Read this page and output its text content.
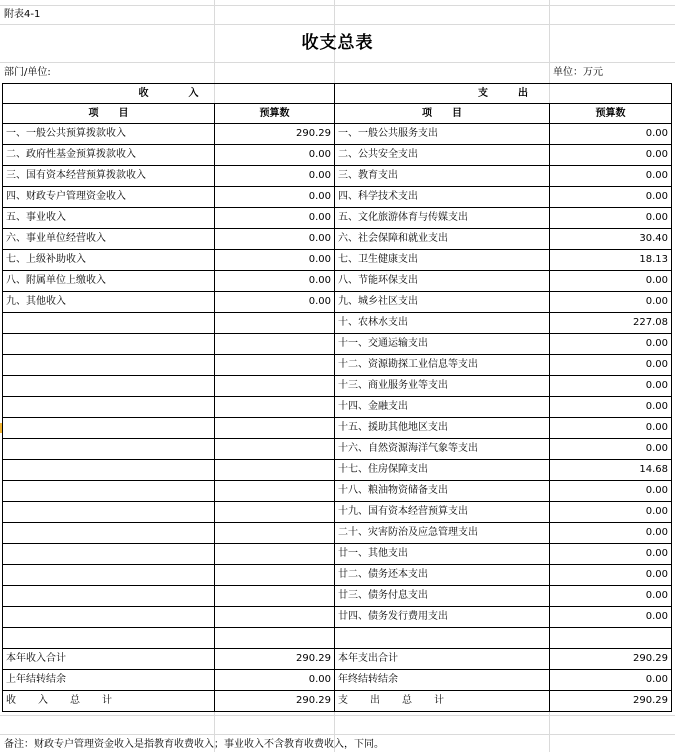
附表4-1
收支总表
部门/单位:	单位：万元
收　　　　入		支　　　出	
项　　目	预算数	项　　目	预算数
一、一般公共预算拨款收入	290.29	一、一般公共服务支出	0.00
二、政府性基金预算拨款收入	0.00	二、公共安全支出	0.00
三、国有资本经营预算拨款收入	0.00	三、教育支出	0.00
四、财政专户管理资金收入	0.00	四、科学技术支出	0.00
五、事业收入	0.00	五、文化旅游体育与传媒支出	0.00
六、事业单位经营收入	0.00	六、社会保障和就业支出	30.40
七、上级补助收入	0.00	七、卫生健康支出	18.13
八、附属单位上缴收入	0.00	八、节能环保支出	0.00
九、其他收入	0.00	九、城乡社区支出	0.00
		十、农林水支出	227.08
		十一、交通运输支出	0.00
		十二、资源勘探工业信息等支出	0.00
		十三、商业服务业等支出	0.00
		十四、金融支出	0.00
		十五、援助其他地区支出	0.00
		十六、自然资源海洋气象等支出	0.00
		十七、住房保障支出	14.68
		十八、粮油物资储备支出	0.00
		十九、国有资本经营预算支出	0.00
		二十、灾害防治及应急管理支出	0.00
		廿一、其他支出	0.00
		廿二、债务还本支出	0.00
		廿三、债务付息支出	0.00
		廿四、债务发行费用支出	0.00

本年收入合计	290.29	本年支出合计	290.29
上年结转结余	0.00	年终结转结余	0.00
收入总计	290.29	支出总计	290.29
备注：财政专户管理资金收入是指教育收费收入；事业收入不含教育收费收入，下同。
